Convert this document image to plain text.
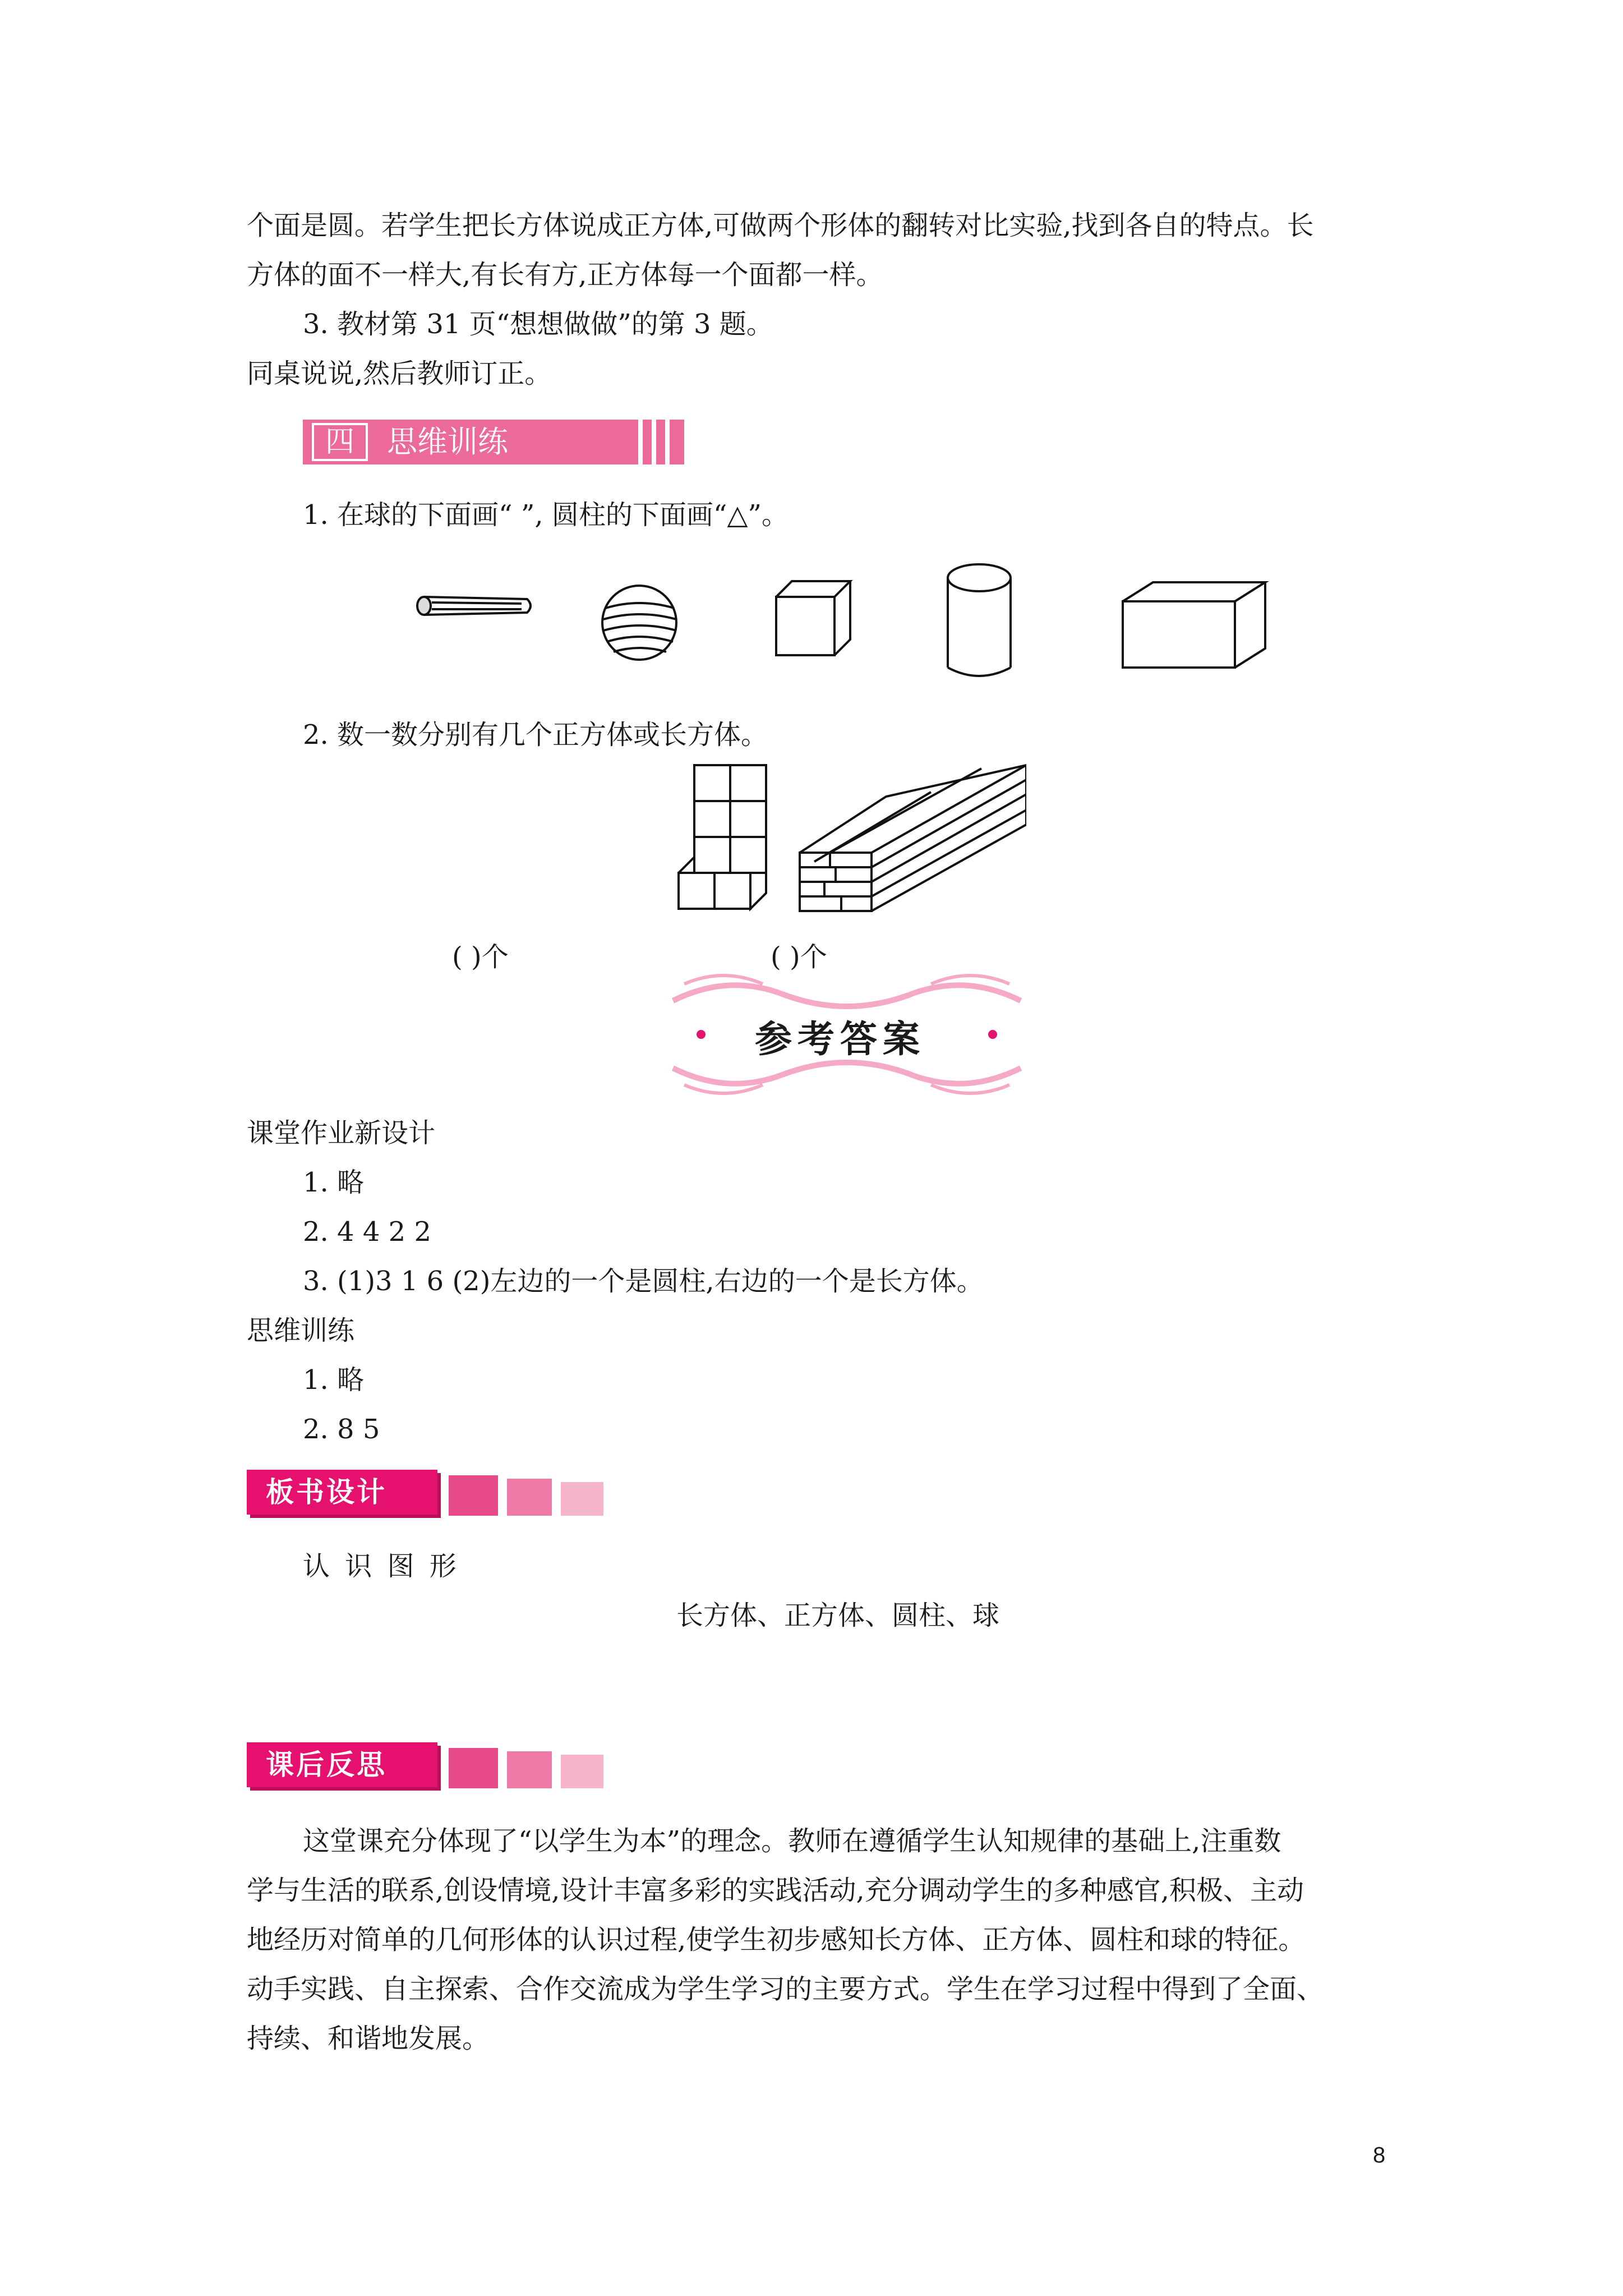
个面是圆。若学生把长方体说成正方体,可做两个形体的翻转对比实验,找到各自的特点。长
方体的面不一样大,有长有方,正方体每一个面都一样。
3. 教材第 31 页“想想做做”的第 3 题。
同桌说说,然后教师订正。
四	思维训练
1. 在球的下面画“ ”, 圆柱的下面画“△”。
2. 数一数分别有几个正方体或长方体。
( )个	( )个
参考答案
课堂作业新设计
1. 略
2. 4 4 2 2
3. (1)3 1 6 (2)左边的一个是圆柱,右边的一个是长方体。
思维训练
1. 略
2. 8 5
板书设计
认 识 图 形
长方体、正方体、圆柱、球
课后反思
这堂课充分体现了“以学生为本”的理念。教师在遵循学生认知规律的基础上,注重数
学与生活的联系,创设情境,设计丰富多彩的实践活动,充分调动学生的多种感官,积极、主动
地经历对简单的几何形体的认识过程,使学生初步感知长方体、正方体、圆柱和球的特征。
动手实践、自主探索、合作交流成为学生学习的主要方式。学生在学习过程中得到了全面、
持续、和谐地发展。
8
